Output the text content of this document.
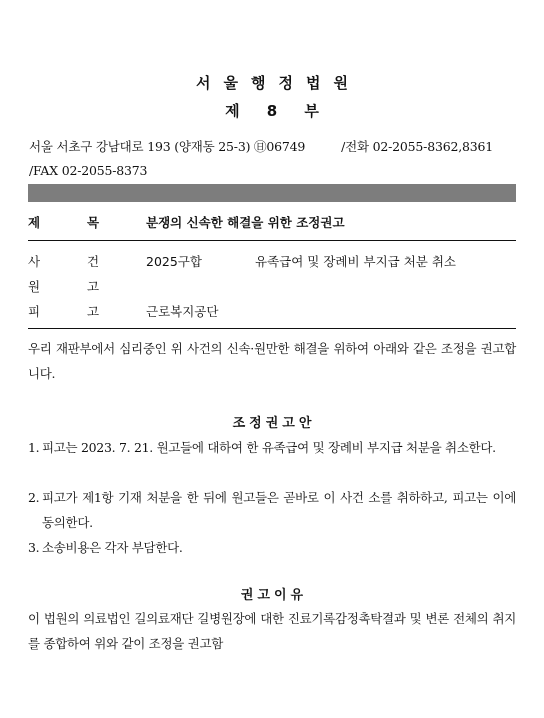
서울행정법원
제 8 부
서울 서초구 강남대로 193 (양재동 25-3) ㊐06749	/전화 02-2055-8362,8361
/FAX 02-2055-8373
제	목	분쟁의 신속한 해결을 위한 조정권고
사	건	2025구합	유족급여 및 장례비 부지급 처분 취소
원	고
피	고	근로복지공단
우리 재판부에서 심리중인 위 사건의 신속·원만한 해결을 위하여 아래와 같은 조정을 권고합니다.
조정권고안
1. 피고는 2023. 7. 21. 원고들에 대하여 한 유족급여 및 장례비 부지급 처분을 취소한다.
2. 피고가 제1항 기재 처분을 한 뒤에 원고들은 곧바로 이 사건 소를 취하하고, 피고는 이에 동의한다.
3. 소송비용은 각자 부담한다.
권고이유
이 법원의 의료법인 길의료재단 길병원장에 대한 진료기록감정촉탁결과 및 변론 전체의 취지를 종합하여 위와 같이 조정을 권고함
